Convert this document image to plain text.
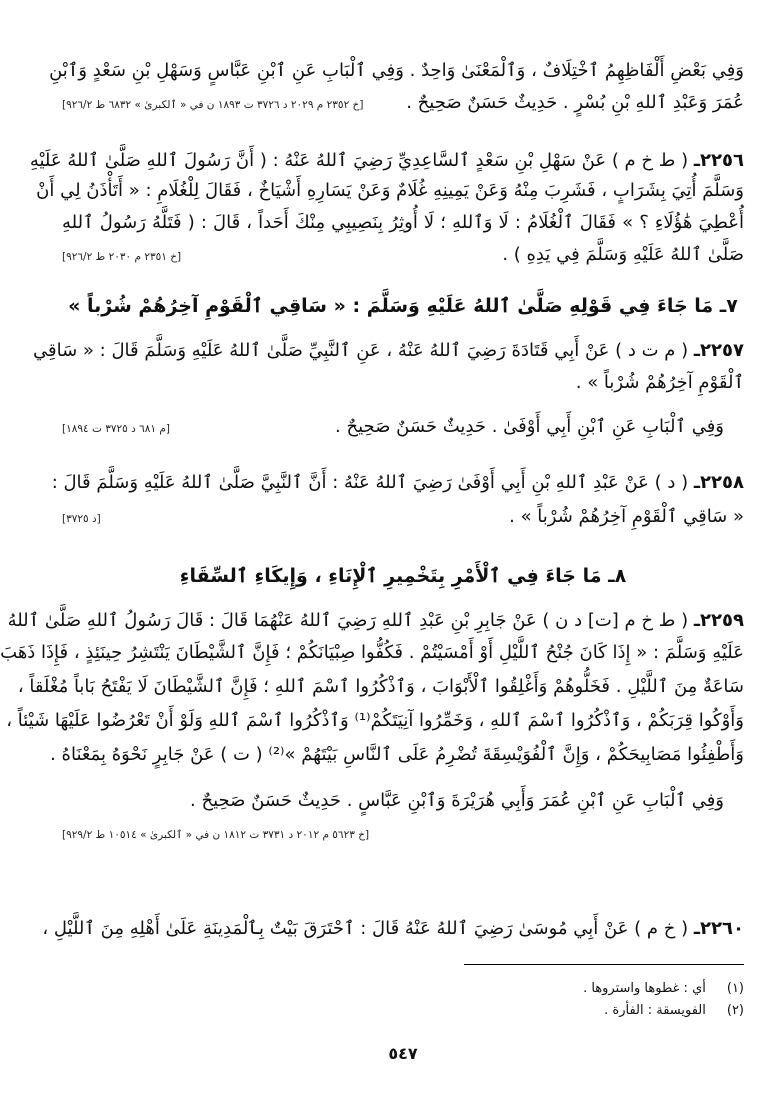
وَفِي بَعْضِ أَلْفَاظِهِمُ ٱخْتِلَافٌ ، وَٱلْمَعْنَىٰ وَاحِدٌ . وَفِي ٱلْبَابِ عَنِ ٱبْنِ عَبَّاسٍ وَسَهْلِ بْنِ سَعْدٍ وَٱبْنِ
عُمَرَ وَعَبْدِ ٱللهِ بْنِ بُسْرٍ . حَدِيثٌ حَسَنٌ صَحِيحٌ .
[خ ٢٣٥٢ م ٢٠٢٩ د ٣٧٢٦ ت ١٨٩٣ ن في « ٱلكبرىٰ » ٦٨٣٢ ط ٩٢٦/٢]
٢٢٥٦ـ ( ط خ م ) عَنْ سَهْلِ بْنِ سَعْدٍ ٱلسَّاعِدِيِّ رَضِيَ ٱللهُ عَنْهُ : ( أَنَّ رَسُولَ ٱللهِ صَلَّىٰ ٱللهُ عَلَيْهِ
وَسَلَّمَ أُتِيَ بِشَرَابٍ ، فَشَرِبَ مِنْهُ وَعَنْ يَمِينِهِ غُلَامٌ وَعَنْ يَسَارِهِ أَشْيَاخٌ ، فَقَالَ لِلْغُلَامِ : « أَتَأْذَنُ لِي أَنْ
أُعْطِيَ هَٰؤُلَاءِ ؟ » فَقَالَ ٱلْغُلَامُ : لَا وَٱللهِ ؛ لَا أُوثِرُ بِنَصِيبِي مِنْكَ أَحَداً ، قَالَ : ( فَتَلَّهُ رَسُولُ ٱللهِ
صَلَّىٰ ٱللهُ عَلَيْهِ وَسَلَّمَ فِي يَدِهِ ) .
[خ ٢٣٥١ م ٢٠٣٠ ط ٩٢٦/٢]
٧ـ مَا جَاءَ فِي قَوْلِهِ صَلَّىٰ ٱللهُ عَلَيْهِ وَسَلَّمَ : « سَاقِي ٱلْقَوْمِ آخِرُهُمْ شُرْباً »
٢٢٥٧ـ ( م ت د ) عَنْ أَبِي قَتَادَةَ رَضِيَ ٱللهُ عَنْهُ ، عَنِ ٱلنَّبِيِّ صَلَّىٰ ٱللهُ عَلَيْهِ وَسَلَّمَ قَالَ : « سَاقِي
ٱلْقَوْمِ آخِرُهُمْ شُرْباً » .
وَفِي ٱلْبَابِ عَنِ ٱبْنِ أَبِي أَوْفَىٰ . حَدِيثٌ حَسَنٌ صَحِيحٌ .
[م ٦٨١ د ٣٧٢٥ ت ١٨٩٤]
٢٢٥٨ـ ( د ) عَنْ عَبْدِ ٱللهِ بْنِ أَبِي أَوْفَىٰ رَضِيَ ٱللهُ عَنْهُ : أَنَّ ٱلنَّبِيَّ صَلَّىٰ ٱللهُ عَلَيْهِ وَسَلَّمَ قَالَ :
« سَاقِي ٱلْقَوْمِ آخِرُهُمْ شُرْباً » .
[د ٣٧٢٥]
٨ـ مَا جَاءَ فِي ٱلْأَمْرِ بِتَخْمِيرِ ٱلْإِنَاءِ ، وَإِيكَاءِ ٱلسِّقَاءِ
٢٢٥٩ـ ( ط خ م [ت] د ن ) عَنْ جَابِرِ بْنِ عَبْدِ ٱللهِ رَضِيَ ٱللهُ عَنْهُمَا قَالَ : قَالَ رَسُولُ ٱللهِ صَلَّىٰ ٱللهُ
عَلَيْهِ وَسَلَّمَ : « إِذَا كَانَ جُنْحُ ٱللَّيْلِ أَوْ أَمْسَيْتُمْ . فَكُفُّوا صِبْيَانَكُمْ ؛ فَإِنَّ ٱلشَّيْطَانَ يَنْتَشِرُ حِينَئِذٍ ، فَإِذَا ذَهَبَ
سَاعَةٌ مِنَ ٱللَّيْلِ . فَخَلُّوهُمْ وَأَغْلِقُوا ٱلْأَبْوَابَ ، وَٱذْكُرُوا ٱسْمَ ٱللهِ ؛ فَإِنَّ ٱلشَّيْطَانَ لَا يَفْتَحُ بَاباً مُغْلَقاً ،
وَأَوْكُوا قِرَبَكُمْ ، وَٱذْكُرُوا ٱسْمَ ٱللهِ ، وَخَمِّرُوا آنِيَتَكُمْ⁽¹⁾ وَٱذْكُرُوا ٱسْمَ ٱللهِ وَلَوْ أَنْ تَعْرُضُوا عَلَيْهَا شَيْئاً ،
وَأَطْفِئُوا مَصَابِيحَكُمْ ، وَإِنَّ ٱلْفُوَيْسِقَةَ تُضْرِمُ عَلَى ٱلنَّاسِ بَيْتَهُمْ »⁽²⁾ ( ت ) عَنْ جَابِرٍ نَحْوَهُ بِمَعْنَاهُ .
وَفِي ٱلْبَابِ عَنِ ٱبْنِ عُمَرَ وَأَبِي هُرَيْرَةَ وَٱبْنِ عَبَّاسٍ . حَدِيثٌ حَسَنٌ صَحِيحٌ .
[خ ٥٦٢٣ م ٢٠١٢ د ٣٧٣١ ت ١٨١٢ ن في « ٱلكبرىٰ » ١٠٥١٤ ط ٩٢٩/٢]
٢٢٦٠ـ ( خ م ) عَنْ أَبِي مُوسَىٰ رَضِيَ ٱللهُ عَنْهُ قَالَ : ٱحْتَرَقَ بَيْتٌ بِٱلْمَدِينَةِ عَلَىٰ أَهْلِهِ مِنَ ٱللَّيْلِ ،
(١) أي : غطوها واستروها .
(٢) الفويسقة : الفأرة .
٥٤٧
